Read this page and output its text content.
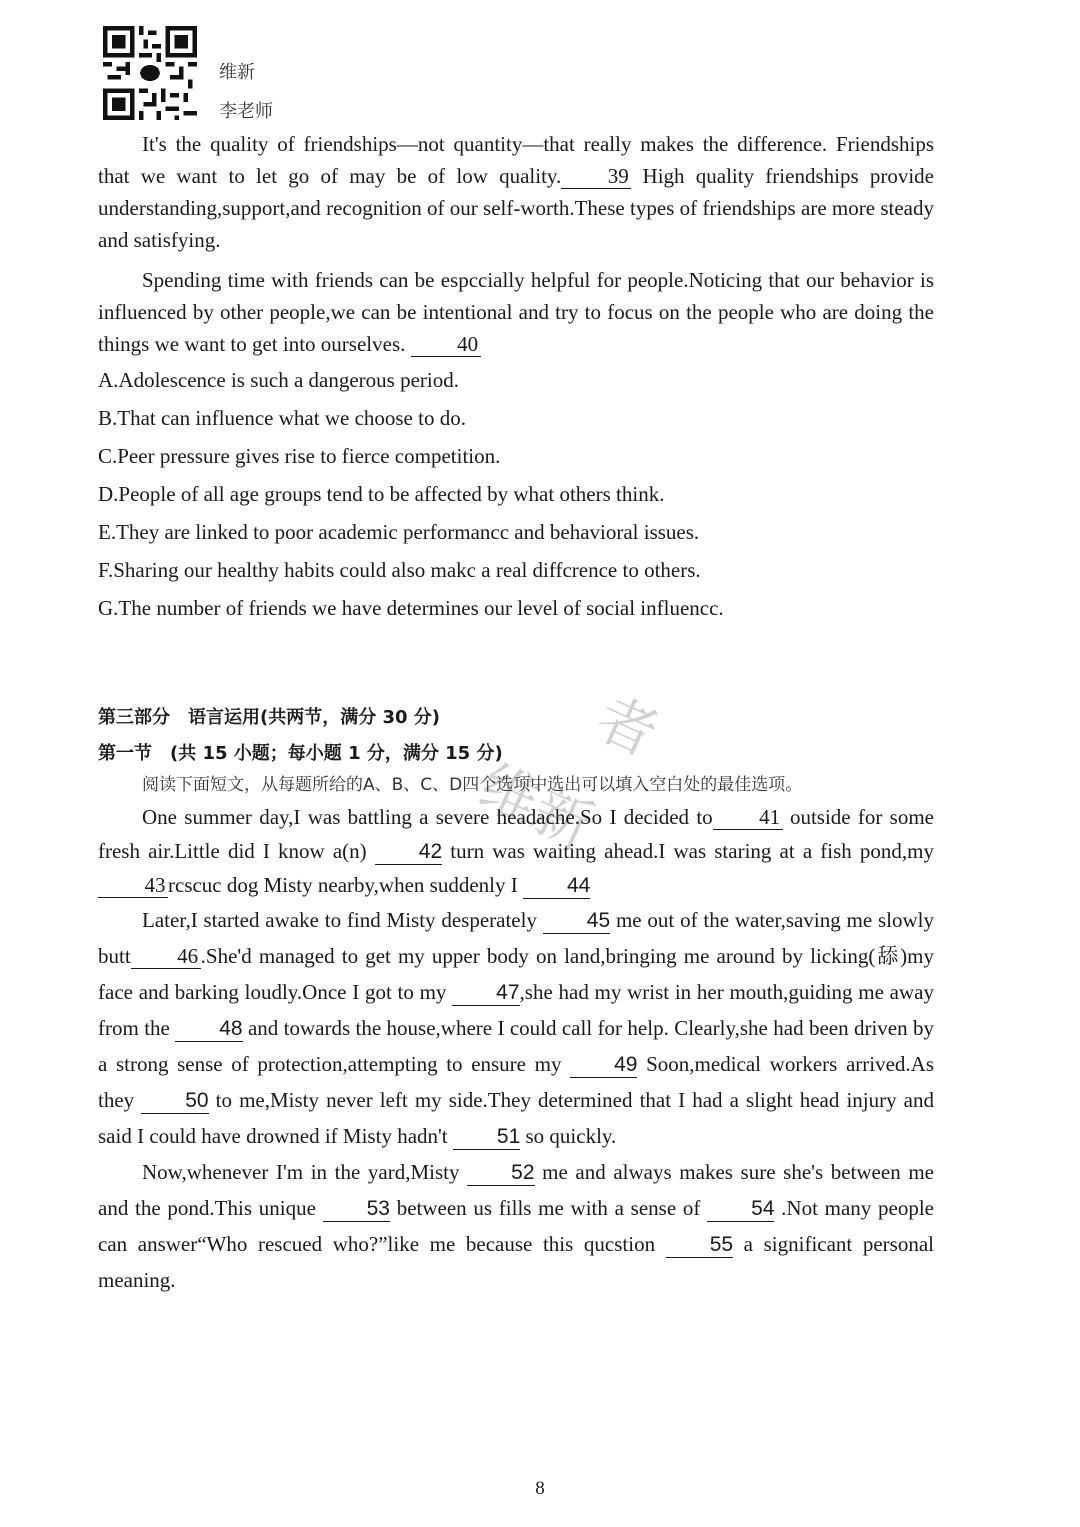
维新
李老师
者
维新

It's the quality of friendships—not quantity—that really makes the difference. Friendships that we want to let go of may be of low quality. 39 High quality friendships provide understanding,support,and recognition of our self-worth.These types of friendships are more steady and satisfying.

Spending time with friends can be espccially helpful for people.Noticing that our behavior is influenced by other people,we can be intentional and try to focus on the people who are doing the things we want to get into ourselves. 40

A.Adolescence is such a dangerous period.
B.That can influence what we choose to do.
C.Peer pressure gives rise to fierce competition.
D.People of all age groups tend to be affected by what others think.
E.They are linked to poor academic performancc and behavioral issues.
F.Sharing our healthy habits could also makc a real diffcrence to others.
G.The number of friends we have determines our level of social influencc.
第三部分　语言运用(共两节，满分 30 分)
第一节　(共 15 小题；每小题 1 分，满分 15 分)
阅读下面短文，从每题所给的A、B、C、D四个选项中选出可以填入空白处的最佳选项。

One summer day,I was battling a severe headache.So I decided to 41 outside for some fresh air.Little did I know a(n) 42 turn was waiting ahead.I was staring at a fish pond,my 43 rcscuc dog Misty nearby,when suddenly I 44

Later,I started awake to find Misty desperately 45 me out of the water,saving me slowly butt 46 .She'd managed to get my upper body on land,bringing me around by licking(舔)my face and barking loudly.Once I got to my 47,she had my wrist in her mouth,guiding me away from the 48 and towards the house,where I could call for help. Clearly,she had been driven by a strong sense of protection,attempting to ensure my 49 Soon,medical workers arrived.As they 50 to me,Misty never left my side.They determined that I had a slight head injury and said I could have drowned if Misty hadn't 51 so quickly.

Now,whenever I'm in the yard,Misty 52 me and always makes sure she's between me and the pond.This unique 53 between us fills me with a sense of 54 .Not many people can answer“Who rescued who?”like me because this qucstion 55 a significant personal meaning.

8
